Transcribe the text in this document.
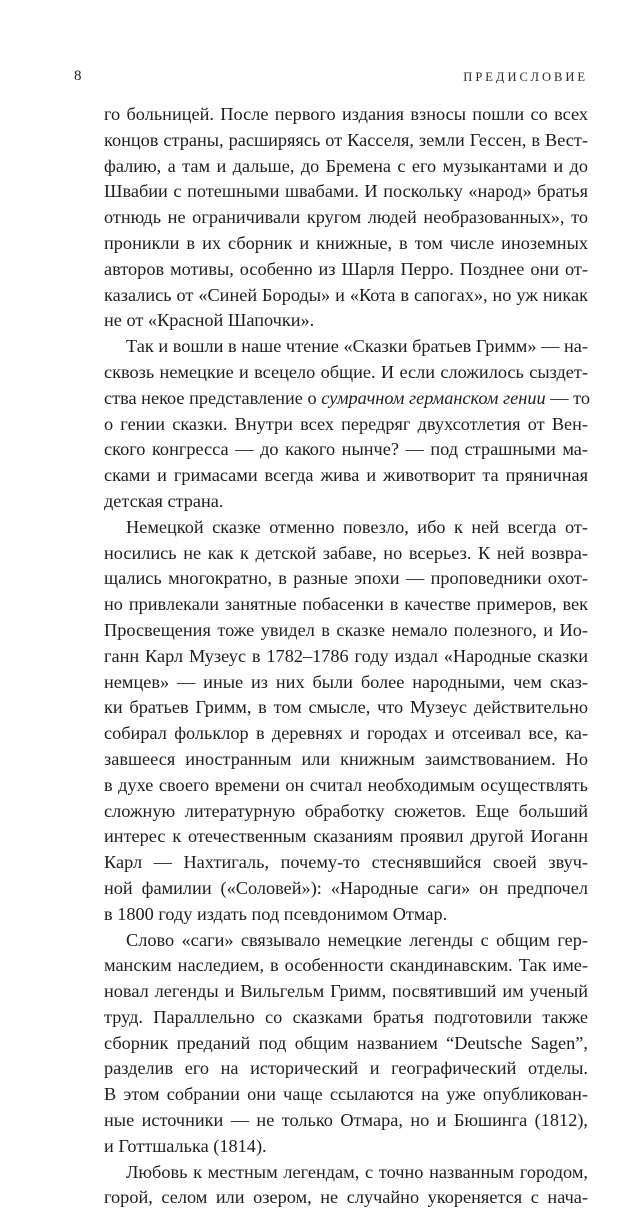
8	ПРЕДИСЛОВИЕ
го больницей. После первого издания взносы пошли со всех
концов страны, расширяясь от Касселя, земли Гессен, в Вест-
фалию, а там и дальше, до Бремена с его музыкантами и до
Швабии с потешными швабами. И поскольку «народ» братья
отнюдь не ограничивали кругом людей необразованных», то
проникли в их сборник и книжные, в том числе иноземных
авторов мотивы, особенно из Шарля Перро. Позднее они от-
казались от «Синей Бороды» и «Кота в сапогах», но уж никак
не от «Красной Шапочки».
Так и вошли в наше чтение «Сказки братьев Гримм» — на-
сквозь немецкие и всецело общие. И если сложилось сыздет-
ства некое представление о сумрачном германском гении — то
о гении сказки. Внутри всех передряг двухсотлетия от Вен-
ского конгресса — до какого нынче? — под страшными ма-
сками и гримасами всегда жива и животворит та пряничная
детская страна.
Немецкой сказке отменно повезло, ибо к ней всегда от-
носились не как к детской забаве, но всерьез. К ней возвра-
щались многократно, в разные эпохи — проповедники охот-
но привлекали занятные побасенки в качестве примеров, век
Просвещения тоже увидел в сказке немало полезного, и Ио-
ганн Карл Музеус в 1782–1786 году издал «Народные сказки
немцев» — иные из них были более народными, чем сказ-
ки братьев Гримм, в том смысле, что Музеус действительно
собирал фольклор в деревнях и городах и отсеивал все, ка-
завшееся иностранным или книжным заимствованием. Но
в духе своего времени он считал необходимым осуществлять
сложную литературную обработку сюжетов. Еще больший
интерес к отечественным сказаниям проявил другой Иоганн
Карл — Нахтигаль, почему-то стеснявшийся своей звуч-
ной фамилии («Соловей»): «Народные саги» он предпочел
в 1800 году издать под псевдонимом Отмар.
Слово «саги» связывало немецкие легенды с общим гер-
манским наследием, в особенности скандинавским. Так име-
новал легенды и Вильгельм Гримм, посвятивший им ученый
труд. Параллельно со сказками братья подготовили также
сборник преданий под общим названием “Deutsche Sagen”,
разделив его на исторический и географический отделы.
В этом собрании они чаще ссылаются на уже опубликован-
ные источники — не только Отмара, но и Бюшинга (1812),
и Готтшалька (1814).
Любовь к местным легендам, с точно названным городом,
горой, селом или озером, не случайно укореняется с нача-
